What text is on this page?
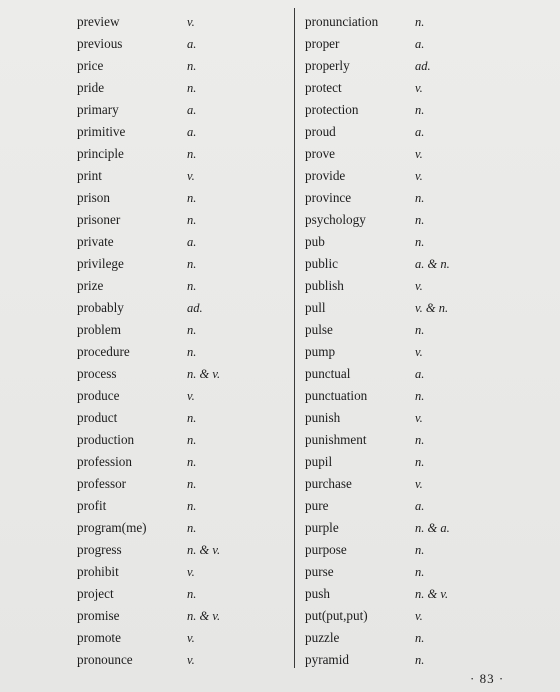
preview	v.
previous	a.
price	n.
pride	n.
primary	a.
primitive	a.
principle	n.
print	v.
prison	n.
prisoner	n.
private	a.
privilege	n.
prize	n.
probably	ad.
problem	n.
procedure	n.
process	n. & v.
produce	v.
product	n.
production	n.
profession	n.
professor	n.
profit	n.
program(me)	n.
progress	n. & v.
prohibit	v.
project	n.
promise	n. & v.
promote	v.
pronounce	v.
pronunciation	n.
proper	a.
properly	ad.
protect	v.
protection	n.
proud	a.
prove	v.
provide	v.
province	n.
psychology	n.
pub	n.
public	a. & n.
publish	v.
pull	v. & n.
pulse	n.
pump	v.
punctual	a.
punctuation	n.
punish	v.
punishment	n.
pupil	n.
purchase	v.
pure	a.
purple	n. & a.
purpose	n.
purse	n.
push	n. & v.
put(put,put)	v.
puzzle	n.
pyramid	n.
· 83 ·
